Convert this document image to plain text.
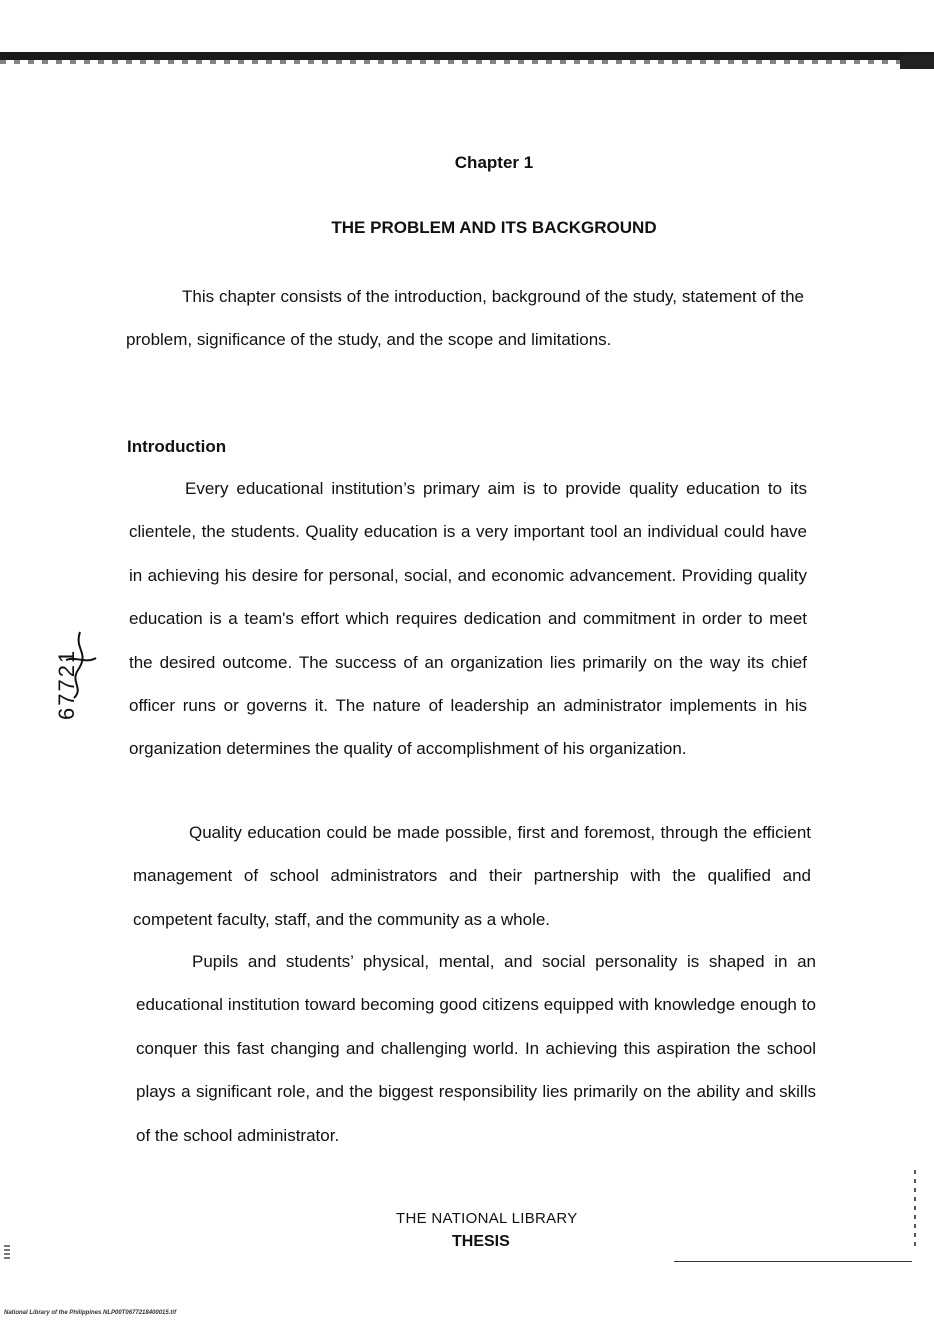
Chapter 1
THE PROBLEM AND ITS BACKGROUND

This chapter consists of the introduction, background of the study, statement of the problem, significance of the study, and the scope and limitations.

Introduction

Every educational institution’s primary aim is to provide quality education to its clientele, the students. Quality education is a very important tool an individual could have in achieving his desire for personal, social, and economic advancement. Providing quality education is a team's effort which requires dedication and commitment in order to meet the desired outcome. The success of an organization lies primarily on the way its chief officer runs or governs it. The nature of leadership an administrator implements in his organization determines the quality of accomplishment of his organization.

Quality education could be made possible, first and foremost, through the efficient management of school administrators and their partnership with the qualified and competent faculty, staff, and the community as a whole.

Pupils and students’ physical, mental, and social personality is shaped in an educational institution toward becoming good citizens equipped with knowledge enough to conquer this fast changing and challenging world. In achieving this aspiration the school plays a significant role, and the biggest responsibility lies primarily on the ability and skills of the school administrator.

67721
THE NATIONAL LIBRARY
THESIS
National Library of the Philippines NLP00T0677218400015.tif
